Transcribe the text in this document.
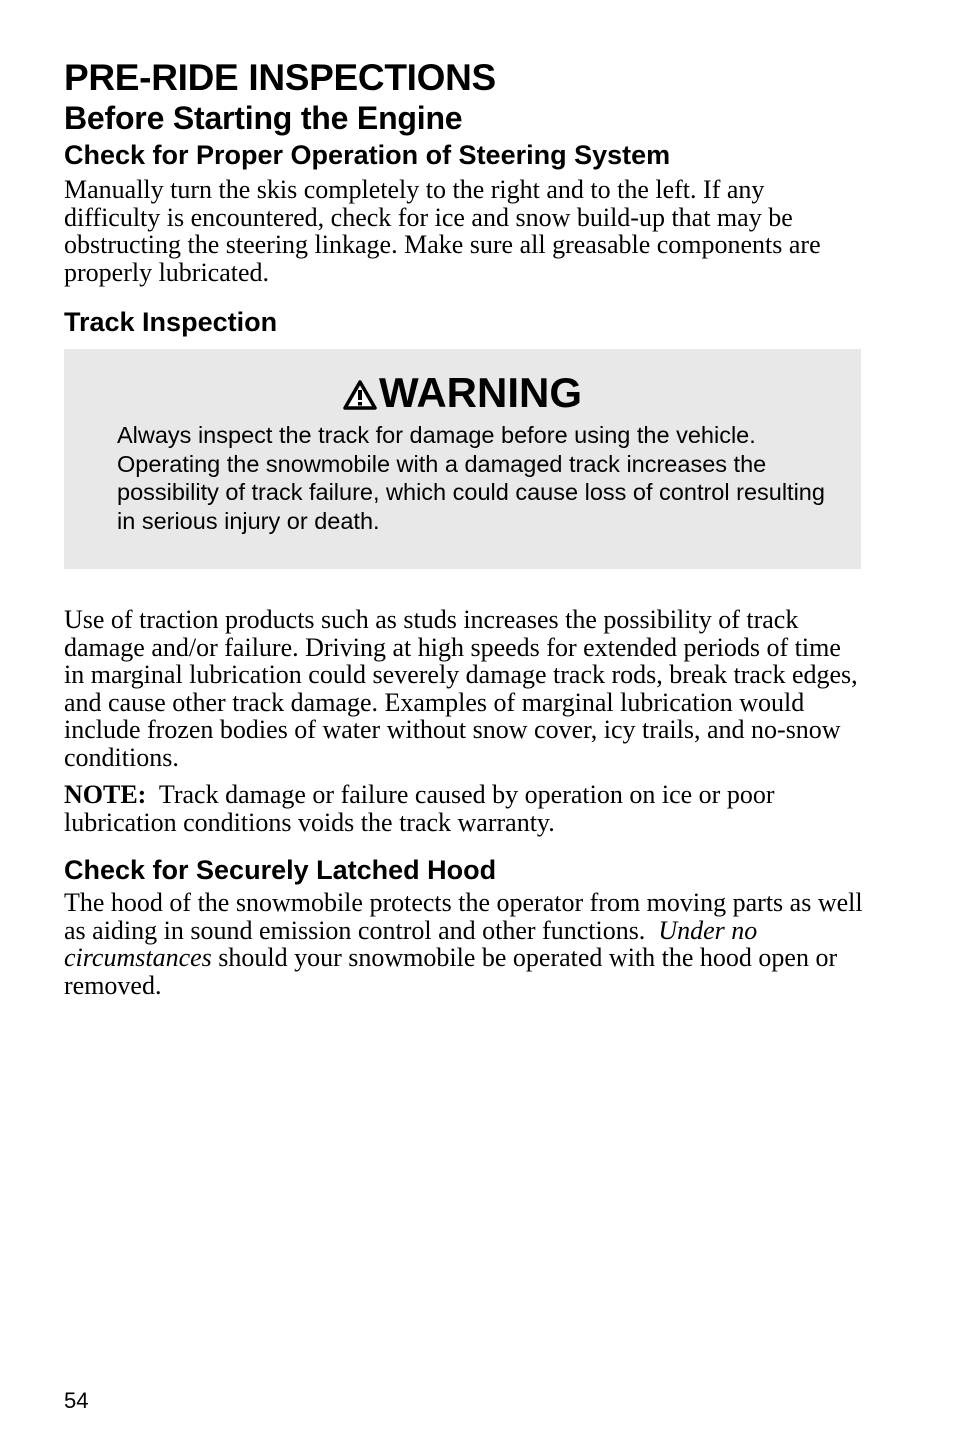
PRE-RIDE INSPECTIONS
Before Starting the Engine
Check for Proper Operation of Steering System

Manually turn the skis completely to the right and to the left. If any difficulty is encountered, check for ice and snow build-up that may be obstructing the steering linkage. Make sure all greasable components are properly lubricated.

Track Inspection
WARNING

Always inspect the track for damage before using the vehicle. Operating the snowmobile with a damaged track increases the possibility of track failure, which could cause loss of control resulting in serious injury or death.

Use of traction products such as studs increases the possibility of track damage and/or failure. Driving at high speeds for extended periods of time in marginal lubrication could severely damage track rods, break track edges, and cause other track damage. Examples of marginal lubrication would include frozen bodies of water without snow cover, icy trails, and no-snow conditions.

NOTE: Track damage or failure caused by operation on ice or poor lubrication conditions voids the track warranty.

Check for Securely Latched Hood

The hood of the snowmobile protects the operator from moving parts as well as aiding in sound emission control and other functions. Under no circumstances should your snowmobile be operated with the hood open or removed.

54
